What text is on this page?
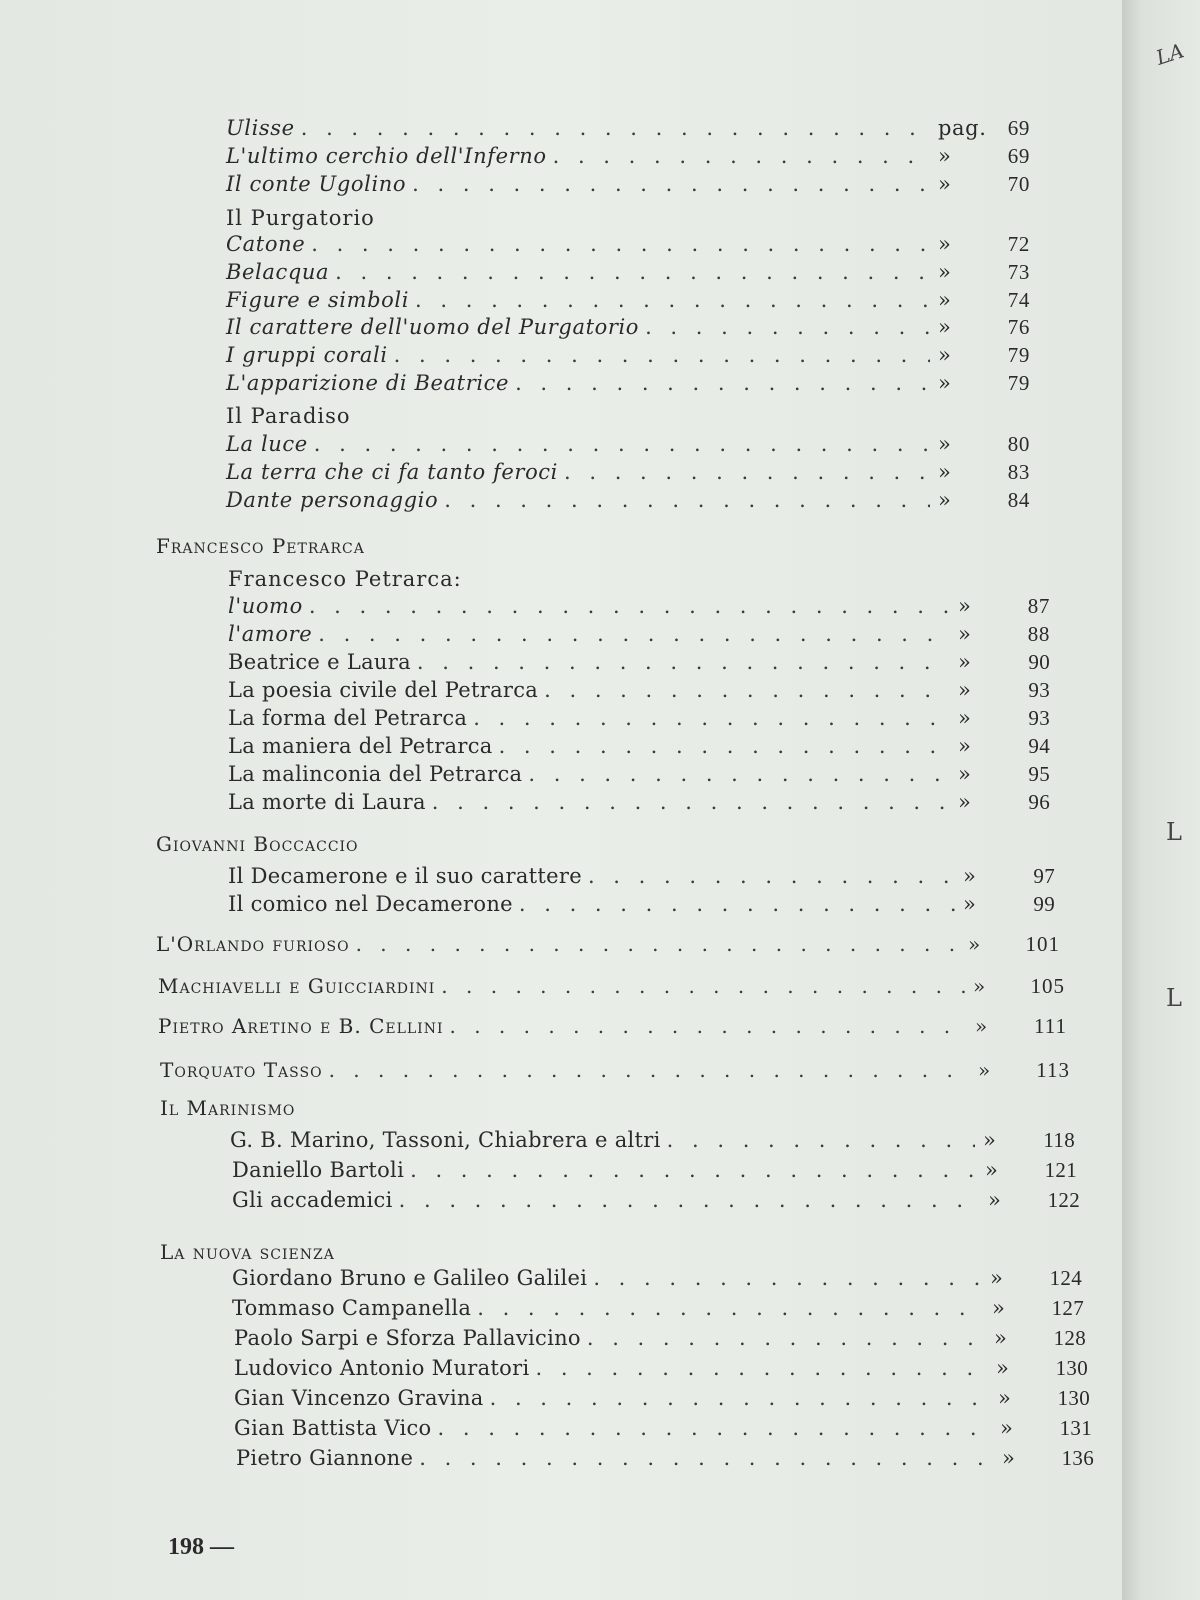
LA
L
L
Ulisse . . .	pag.	69
L'ultimo cerchio dell'Inferno . . .	»	69
Il conte Ugolino . . .	»	70
Il Purgatorio
Catone . . .	»	72
Belacqua . . .	»	73
Figure e simboli . . .	»	74
Il carattere dell'uomo del Purgatorio . . .	»	76
I gruppi corali . . .	»	79
L'apparizione di Beatrice . . .	»	79
Il Paradiso
La luce . . .	»	80
La terra che ci fa tanto feroci . . .	»	83
Dante personaggio . . .	»	84
Francesco Petrarca
Francesco Petrarca:
l'uomo . . .	»	87
l'amore . . .	»	88
Beatrice e Laura . . .	»	90
La poesia civile del Petrarca . . .	»	93
La forma del Petrarca . . .	»	93
La maniera del Petrarca . . .	»	94
La malinconia del Petrarca . . .	»	95
La morte di Laura . . .	»	96
Giovanni Boccaccio
Il Decamerone e il suo carattere . . .	»	97
Il comico nel Decamerone . . .	»	99
L'Orlando furioso . . .	»	101
Machiavelli e Guicciardini . . .	»	105
Pietro Aretino e B. Cellini . . .	»	111
Torquato Tasso . . .	»	113
Il Marinismo
G. B. Marino, Tassoni, Chiabrera e altri . . .	»	118
Daniello Bartoli . . .	»	121
Gli accademici . . .	»	122
La nuova scienza
Giordano Bruno e Galileo Galilei . . .	»	124
Tommaso Campanella . . .	»	127
Paolo Sarpi e Sforza Pallavicino . . .	»	128
Ludovico Antonio Muratori . . .	»	130
Gian Vincenzo Gravina . . .	»	130
Gian Battista Vico . . .	»	131
Pietro Giannone . . .	»	136
198 —
